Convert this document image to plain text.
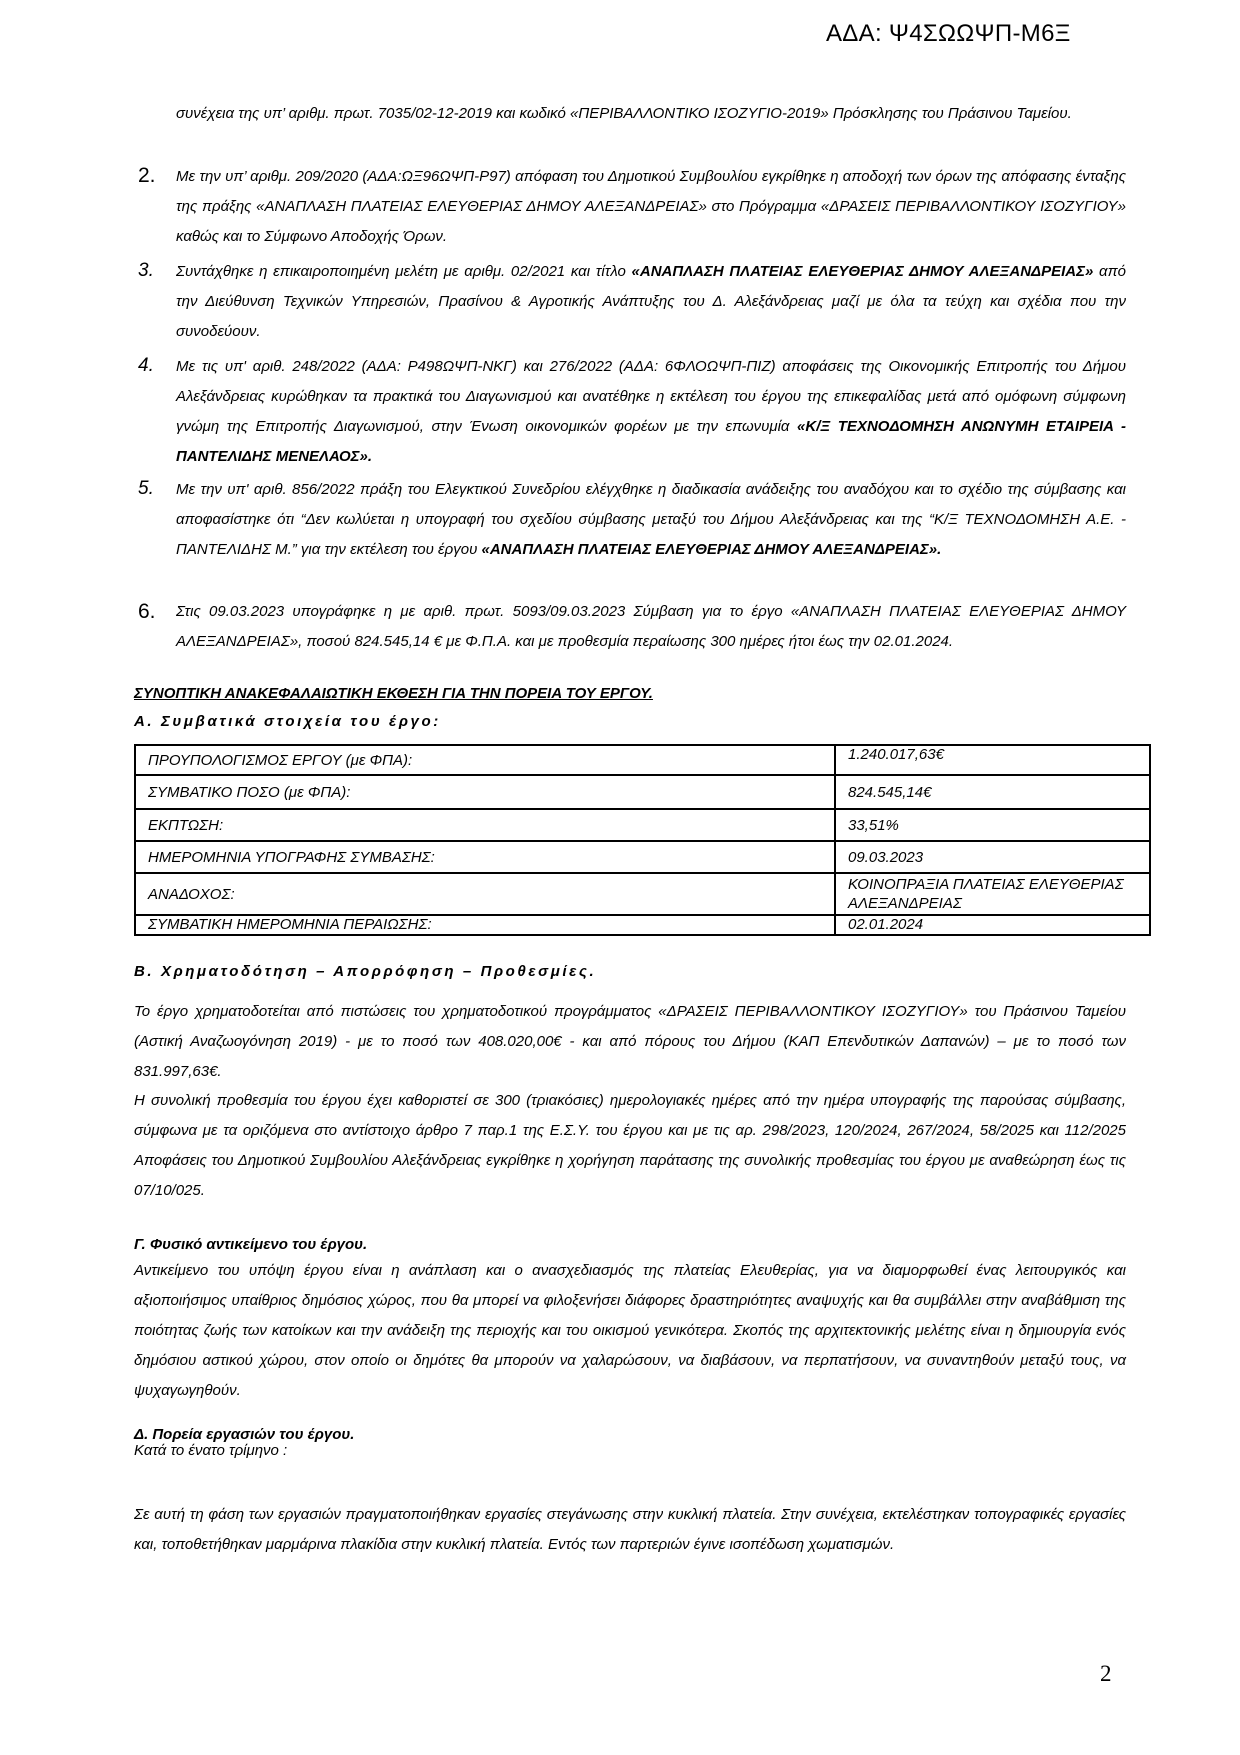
ΑΔΑ: Ψ4ΣΩΩΨΠ-Μ6Ξ
συνέχεια της υπ’ αριθμ. πρωτ. 7035/02-12-2019 και κωδικό «ΠΕΡΙΒΑΛΛΟΝΤΙΚΟ ΙΣΟΖΥΓΙΟ-2019» Πρόσκλησης του Πράσινου Ταμείου.
2. Με την υπ’ αριθμ. 209/2020 (ΑΔΑ:ΩΞ96ΩΨΠ-Ρ97) απόφαση του Δημοτικού Συμβουλίου εγκρίθηκε η αποδοχή των όρων της απόφασης ένταξης της πράξης «ΑΝΑΠΛΑΣΗ ΠΛΑΤΕΙΑΣ ΕΛΕΥΘΕΡΙΑΣ ΔΗΜΟΥ ΑΛΕΞΑΝΔΡΕΙΑΣ» στο Πρόγραμμα «ΔΡΑΣΕΙΣ ΠΕΡΙΒΑΛΛΟΝΤΙΚΟΥ ΙΣΟΖΥΓΙΟΥ» καθώς και το Σύμφωνο Αποδοχής Όρων.
3. Συντάχθηκε η επικαιροποιημένη μελέτη με αριθμ. 02/2021 και τίτλο «ΑΝΑΠΛΑΣΗ ΠΛΑΤΕΙΑΣ ΕΛΕΥΘΕΡΙΑΣ ΔΗΜΟΥ ΑΛΕΞΑΝΔΡΕΙΑΣ» από την Διεύθυνση Τεχνικών Υπηρεσιών, Πρασίνου & Αγροτικής Ανάπτυξης του Δ. Αλεξάνδρειας μαζί με όλα τα τεύχη και σχέδια που την συνοδεύουν.
4. Με τις υπ' αριθ. 248/2022 (ΑΔΑ: Ρ498ΩΨΠ-ΝΚΓ) και 276/2022 (ΑΔΑ: 6ΦΛΟΩΨΠ-ΠΙΖ) αποφάσεις της Οικονομικής Επιτροπής του Δήμου Αλεξάνδρειας κυρώθηκαν τα πρακτικά του Διαγωνισμού και ανατέθηκε η εκτέλεση του έργου της επικεφαλίδας μετά από ομόφωνη σύμφωνη γνώμη της Επιτροπής Διαγωνισμού, στην Ένωση οικονομικών φορέων με την επωνυμία «Κ/Ξ ΤΕΧΝΟΔΟΜΗΣΗ ΑΝΩΝΥΜΗ ΕΤΑΙΡΕΙΑ - ΠΑΝΤΕΛΙΔΗΣ ΜΕΝΕΛΑΟΣ».
5. Με την υπ' αριθ. 856/2022 πράξη του Ελεγκτικού Συνεδρίου ελέγχθηκε η διαδικασία ανάδειξης του αναδόχου και το σχέδιο της σύμβασης και αποφασίστηκε ότι “Δεν κωλύεται η υπογραφή του σχεδίου σύμβασης μεταξύ του Δήμου Αλεξάνδρειας και της “Κ/Ξ ΤΕΧΝΟΔΟΜΗΣΗ Α.Ε. - ΠΑΝΤΕΛΙΔΗΣ Μ.” για την εκτέλεση του έργου «ΑΝΑΠΛΑΣΗ ΠΛΑΤΕΙΑΣ ΕΛΕΥΘΕΡΙΑΣ ΔΗΜΟΥ ΑΛΕΞΑΝΔΡΕΙΑΣ».
6. Στις 09.03.2023 υπογράφηκε η με αριθ. πρωτ. 5093/09.03.2023 Σύμβαση για το έργο «ΑΝΑΠΛΑΣΗ ΠΛΑΤΕΙΑΣ ΕΛΕΥΘΕΡΙΑΣ ΔΗΜΟΥ ΑΛΕΞΑΝΔΡΕΙΑΣ», ποσού 824.545,14 € με Φ.Π.Α. και με προθεσμία περαίωσης 300 ημέρες ήτοι έως την 02.01.2024.
ΣΥΝΟΠΤΙΚΗ ΑΝΑΚΕΦΑΛΑΙΩΤΙΚΗ ΕΚΘΕΣΗ ΓΙΑ ΤΗΝ ΠΟΡΕΙΑ ΤΟΥ ΕΡΓΟΥ.
Α. Συμβατικά στοιχεία του έργο:
ΠΡΟΥΠΟΛΟΓΙΣΜΟΣ ΕΡΓΟΥ (με ΦΠΑ):	1.240.017,63€
ΣΥΜΒΑΤΙΚΟ ΠΟΣΟ (με ΦΠΑ):	824.545,14€
ΕΚΠΤΩΣΗ:	33,51%
ΗΜΕΡΟΜΗΝΙΑ ΥΠΟΓΡΑΦΗΣ ΣΥΜΒΑΣΗΣ:	09.03.2023
ΑΝΑΔΟΧΟΣ:	ΚΟΙΝΟΠΡΑΞΙΑ ΠΛΑΤΕΙΑΣ ΕΛΕΥΘΕΡΙΑΣ ΑΛΕΞΑΝΔΡΕΙΑΣ
ΣΥΜΒΑΤΙΚΗ ΗΜΕΡΟΜΗΝΙΑ ΠΕΡΑΙΩΣΗΣ:	02.01.2024
Β. Χρηματοδότηση – Απορρόφηση – Προθεσμίες.
Το έργο χρηματοδοτείται από πιστώσεις του χρηματοδοτικού προγράμματος «ΔΡΑΣΕΙΣ ΠΕΡΙΒΑΛΛΟΝΤΙΚΟΥ ΙΣΟΖΥΓΙΟΥ» του Πράσινου Ταμείου (Αστική Αναζωογόνηση 2019) - με το ποσό των 408.020,00€ - και από πόρους του Δήμου (ΚΑΠ Επενδυτικών Δαπανών) – με το ποσό των 831.997,63€.
Η συνολική προθεσμία του έργου έχει καθοριστεί σε 300 (τριακόσιες) ημερολογιακές ημέρες από την ημέρα υπογραφής της παρούσας σύμβασης, σύμφωνα με τα οριζόμενα στο αντίστοιχο άρθρο 7 παρ.1 της Ε.Σ.Υ. του έργου και με τις αρ. 298/2023, 120/2024, 267/2024, 58/2025 και 112/2025 Αποφάσεις του Δημοτικού Συμβουλίου Αλεξάνδρειας εγκρίθηκε η χορήγηση παράτασης της συνολικής προθεσμίας του έργου με αναθεώρηση έως τις 07/10/025.
Γ. Φυσικό αντικείμενο του έργου.
Αντικείμενο του υπόψη έργου είναι η ανάπλαση και ο ανασχεδιασμός της πλατείας Ελευθερίας, για να διαμορφωθεί ένας λειτουργικός και αξιοποιήσιμος υπαίθριος δημόσιος χώρος, που θα μπορεί να φιλοξενήσει διάφορες δραστηριότητες αναψυχής και θα συμβάλλει στην αναβάθμιση της ποιότητας ζωής των κατοίκων και την ανάδειξη της περιοχής και του οικισμού γενικότερα. Σκοπός της αρχιτεκτονικής μελέτης είναι η δημιουργία ενός δημόσιου αστικού χώρου, στον οποίο οι δημότες θα μπορούν να χαλαρώσουν, να διαβάσουν, να περπατήσουν, να συναντηθούν μεταξύ τους, να ψυχαγωγηθούν.
Δ. Πορεία εργασιών του έργου.
Κατά το ένατο τρίμηνο :
Σε αυτή τη φάση των εργασιών πραγματοποιήθηκαν εργασίες στεγάνωσης στην κυκλική πλατεία. Στην συνέχεια, εκτελέστηκαν τοπογραφικές εργασίες και, τοποθετήθηκαν μαρμάρινα πλακίδια στην κυκλική πλατεία. Εντός των παρτεριών έγινε ισοπέδωση χωματισμών.
2
